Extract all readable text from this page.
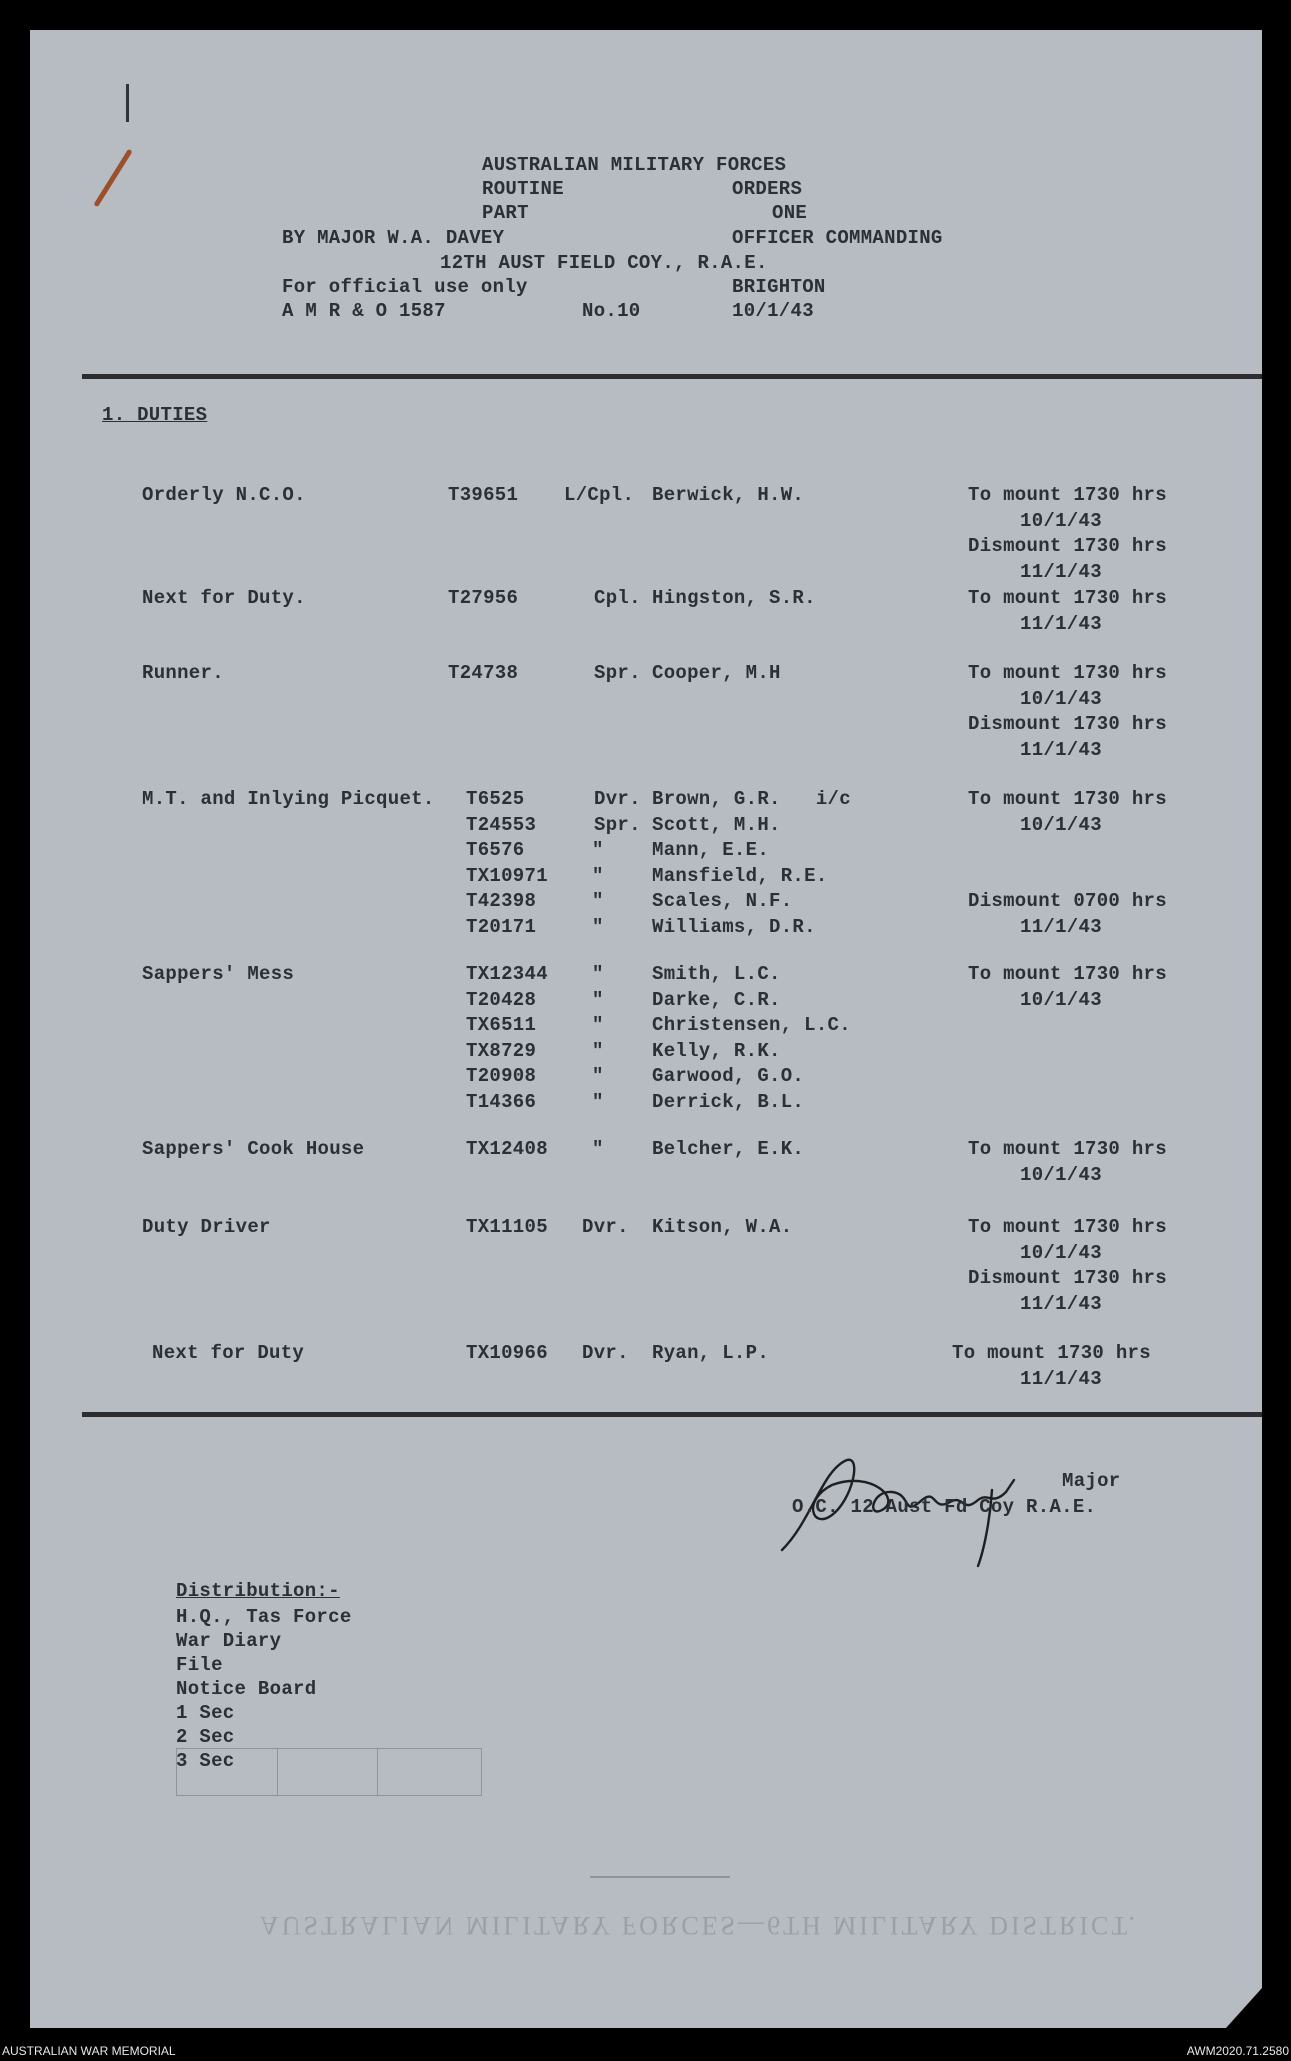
AUSTRALIAN MILITARY FORCES
ROUTINE	ORDERS
PART	ONE
BY MAJOR W.A. DAVEY	OFFICER COMMANDING
12TH AUST FIELD COY., R.A.E.
For official use only	BRIGHTON
A M R & O 1587	No.10	10/1/43
1. DUTIES
Orderly N.C.O.	T39651 L/Cpl. Berwick, H.W.	To mount 1730 hrs
10/1/43
Dismount 1730 hrs
11/1/43
Next for Duty.	T27956	Cpl. Hingston, S.R.	To mount 1730 hrs
11/1/43
Runner.	T24738	Spr. Cooper, M.H	To mount 1730 hrs
10/1/43
Dismount 1730 hrs
11/1/43
M.T. and Inlying Picquet. T6525	Dvr. Brown, G.R.   i/c
T24553	Spr. Scott, M.H.
T6576	"	Mann, E.E.
TX10971 "	Mansfield, R.E.
T42398	"	Scales, N.F.
T20171	"	Williams, D.R.
To mount 1730 hrs
10/1/43
Dismount 0700 hrs
11/1/43
Sappers' Mess	TX12344 "	Smith, L.C.
T20428	"	Darke, C.R.
TX6511	"	Christensen, L.C.
TX8729	"	Kelly, R.K.
T20908	"	Garwood, G.O.
T14366	"	Derrick, B.L.
To mount 1730 hrs
10/1/43
Sappers' Cook House	TX12408 "	Belcher, E.K.	To mount 1730 hrs
10/1/43
Duty Driver	TX11105 Dvr. Kitson, W.A.	To mount 1730 hrs
10/1/43
Dismount 1730 hrs
11/1/43
Next for Duty	TX10966 Dvr. Ryan, L.P.	To mount 1730 hrs
11/1/43
Major
O.C. 12 Aust Fd Coy R.A.E.
Distribution:-
H.Q., Tas Force
War Diary
File
Notice Board
1 Sec
2 Sec
3 Sec
AUSTRALIAN MILITARY FORCES—6TH MILITARY DISTRICT.
AUSTRALIAN WAR MEMORIAL	AWM2020.71.2580
